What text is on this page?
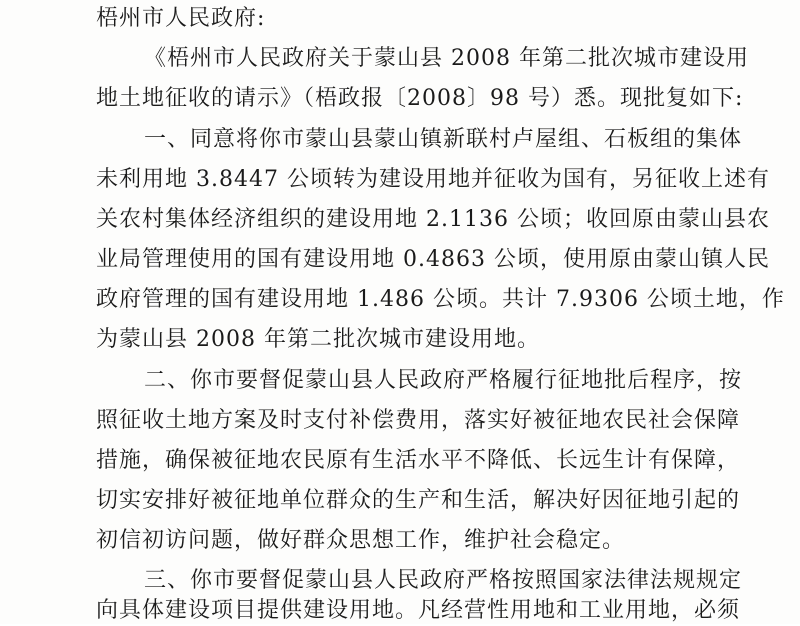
梧州市人民政府:
《梧州市人民政府关于蒙山县 2008 年第二批次城市建设用
地土地征收的请示》（梧政报〔2008〕98 号）悉。现批复如下:
一、同意将你市蒙山县蒙山镇新联村卢屋组、石板组的集体
未利用地 3.8447 公顷转为建设用地并征收为国有，另征收上述有
关农村集体经济组织的建设用地 2.1136 公顷；收回原由蒙山县农
业局管理使用的国有建设用地 0.4863 公顷，使用原由蒙山镇人民
政府管理的国有建设用地 1.486 公顷。共计 7.9306 公顷土地，作
为蒙山县 2008 年第二批次城市建设用地。
二、你市要督促蒙山县人民政府严格履行征地批后程序，按
照征收土地方案及时支付补偿费用，落实好被征地农民社会保障
措施，确保被征地农民原有生活水平不降低、长远生计有保障，
切实安排好被征地单位群众的生产和生活，解决好因征地引起的
初信初访问题，做好群众思想工作，维护社会稳定。
三、你市要督促蒙山县人民政府严格按照国家法律法规规定
向具体建设项目提供建设用地。凡经营性用地和工业用地，必须
